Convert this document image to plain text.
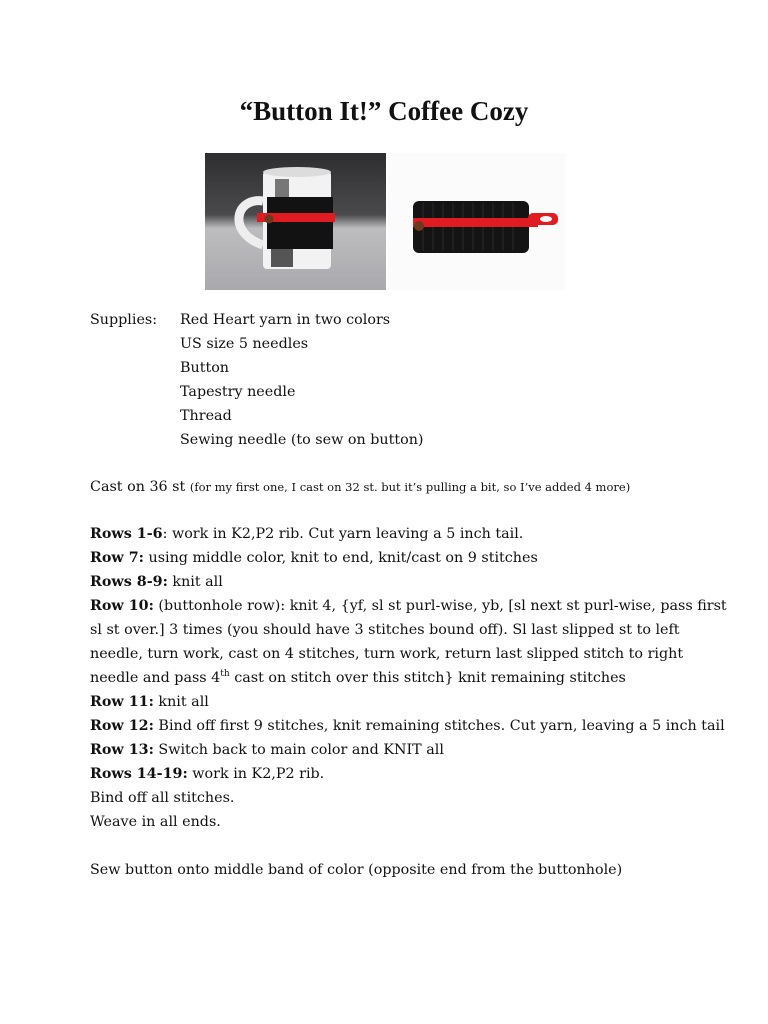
“Button It!” Coffee Cozy
Supplies: Red Heart yarn in two colors
US size 5 needles
Button
Tapestry needle
Thread
Sewing needle (to sew on button)
Cast on 36 st (for my first one, I cast on 32 st. but it’s pulling a bit, so I’ve added 4 more)
Rows 1-6: work in K2,P2 rib. Cut yarn leaving a 5 inch tail.
Row 7: using middle color, knit to end, knit/cast on 9 stitches
Rows 8-9: knit all
Row 10: (buttonhole row): knit 4, {yf, sl st purl-wise, yb, [sl next st purl-wise, pass first
sl st over.] 3 times (you should have 3 stitches bound off). Sl last slipped st to left
needle, turn work, cast on 4 stitches, turn work, return last slipped stitch to right
needle and pass 4th cast on stitch over this stitch} knit remaining stitches
Row 11: knit all
Row 12: Bind off first 9 stitches, knit remaining stitches. Cut yarn, leaving a 5 inch tail
Row 13: Switch back to main color and KNIT all
Rows 14-19: work in K2,P2 rib.
Bind off all stitches.
Weave in all ends.
Sew button onto middle band of color (opposite end from the buttonhole)
